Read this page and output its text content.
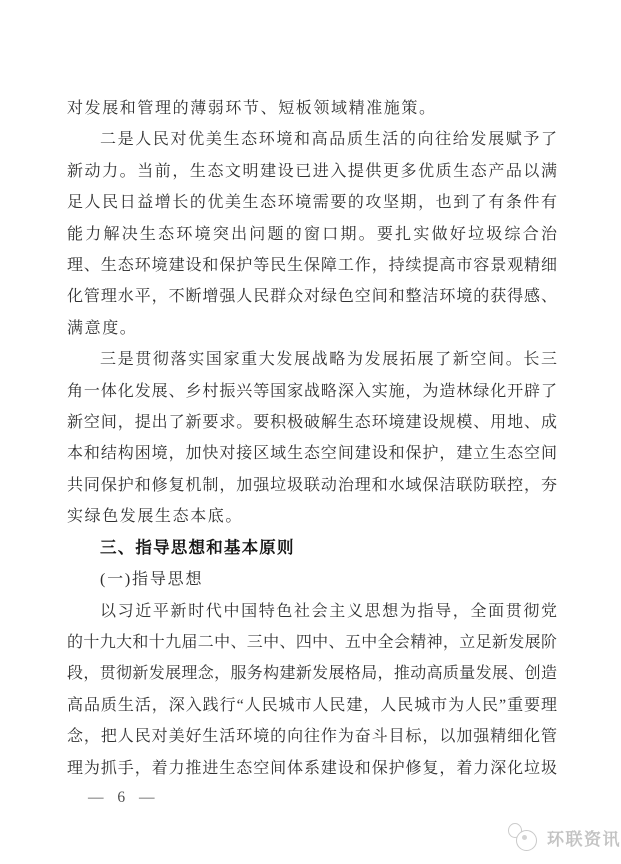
对发展和管理的薄弱环节、短板领域精准施策。
二是人民对优美生态环境和高品质生活的向往给发展赋予了
新动力。当前，生态文明建设已进入提供更多优质生态产品以满
足人民日益增长的优美生态环境需要的攻坚期，也到了有条件有
能力解决生态环境突出问题的窗口期。要扎实做好垃圾综合治
理、生态环境建设和保护等民生保障工作，持续提高市容景观精细
化管理水平，不断增强人民群众对绿色空间和整洁环境的获得感、
满意度。
三是贯彻落实国家重大发展战略为发展拓展了新空间。长三
角一体化发展、乡村振兴等国家战略深入实施，为造林绿化开辟了
新空间，提出了新要求。要积极破解生态环境建设规模、用地、成
本和结构困境，加快对接区域生态空间建设和保护，建立生态空间
共同保护和修复机制，加强垃圾联动治理和水域保洁联防联控，夯
实绿色发展生态本底。
三、指导思想和基本原则
(一)指导思想
以习近平新时代中国特色社会主义思想为指导，全面贯彻党
的十九大和十九届二中、三中、四中、五中全会精神，立足新发展阶
段，贯彻新发展理念，服务构建新发展格局，推动高质量发展、创造
高品质生活，深入践行“人民城市人民建，人民城市为人民”重要理
念，把人民对美好生活环境的向往作为奋斗目标，以加强精细化管
理为抓手，着力推进生态空间体系建设和保护修复，着力深化垃圾
— 6 —
环联资讯
